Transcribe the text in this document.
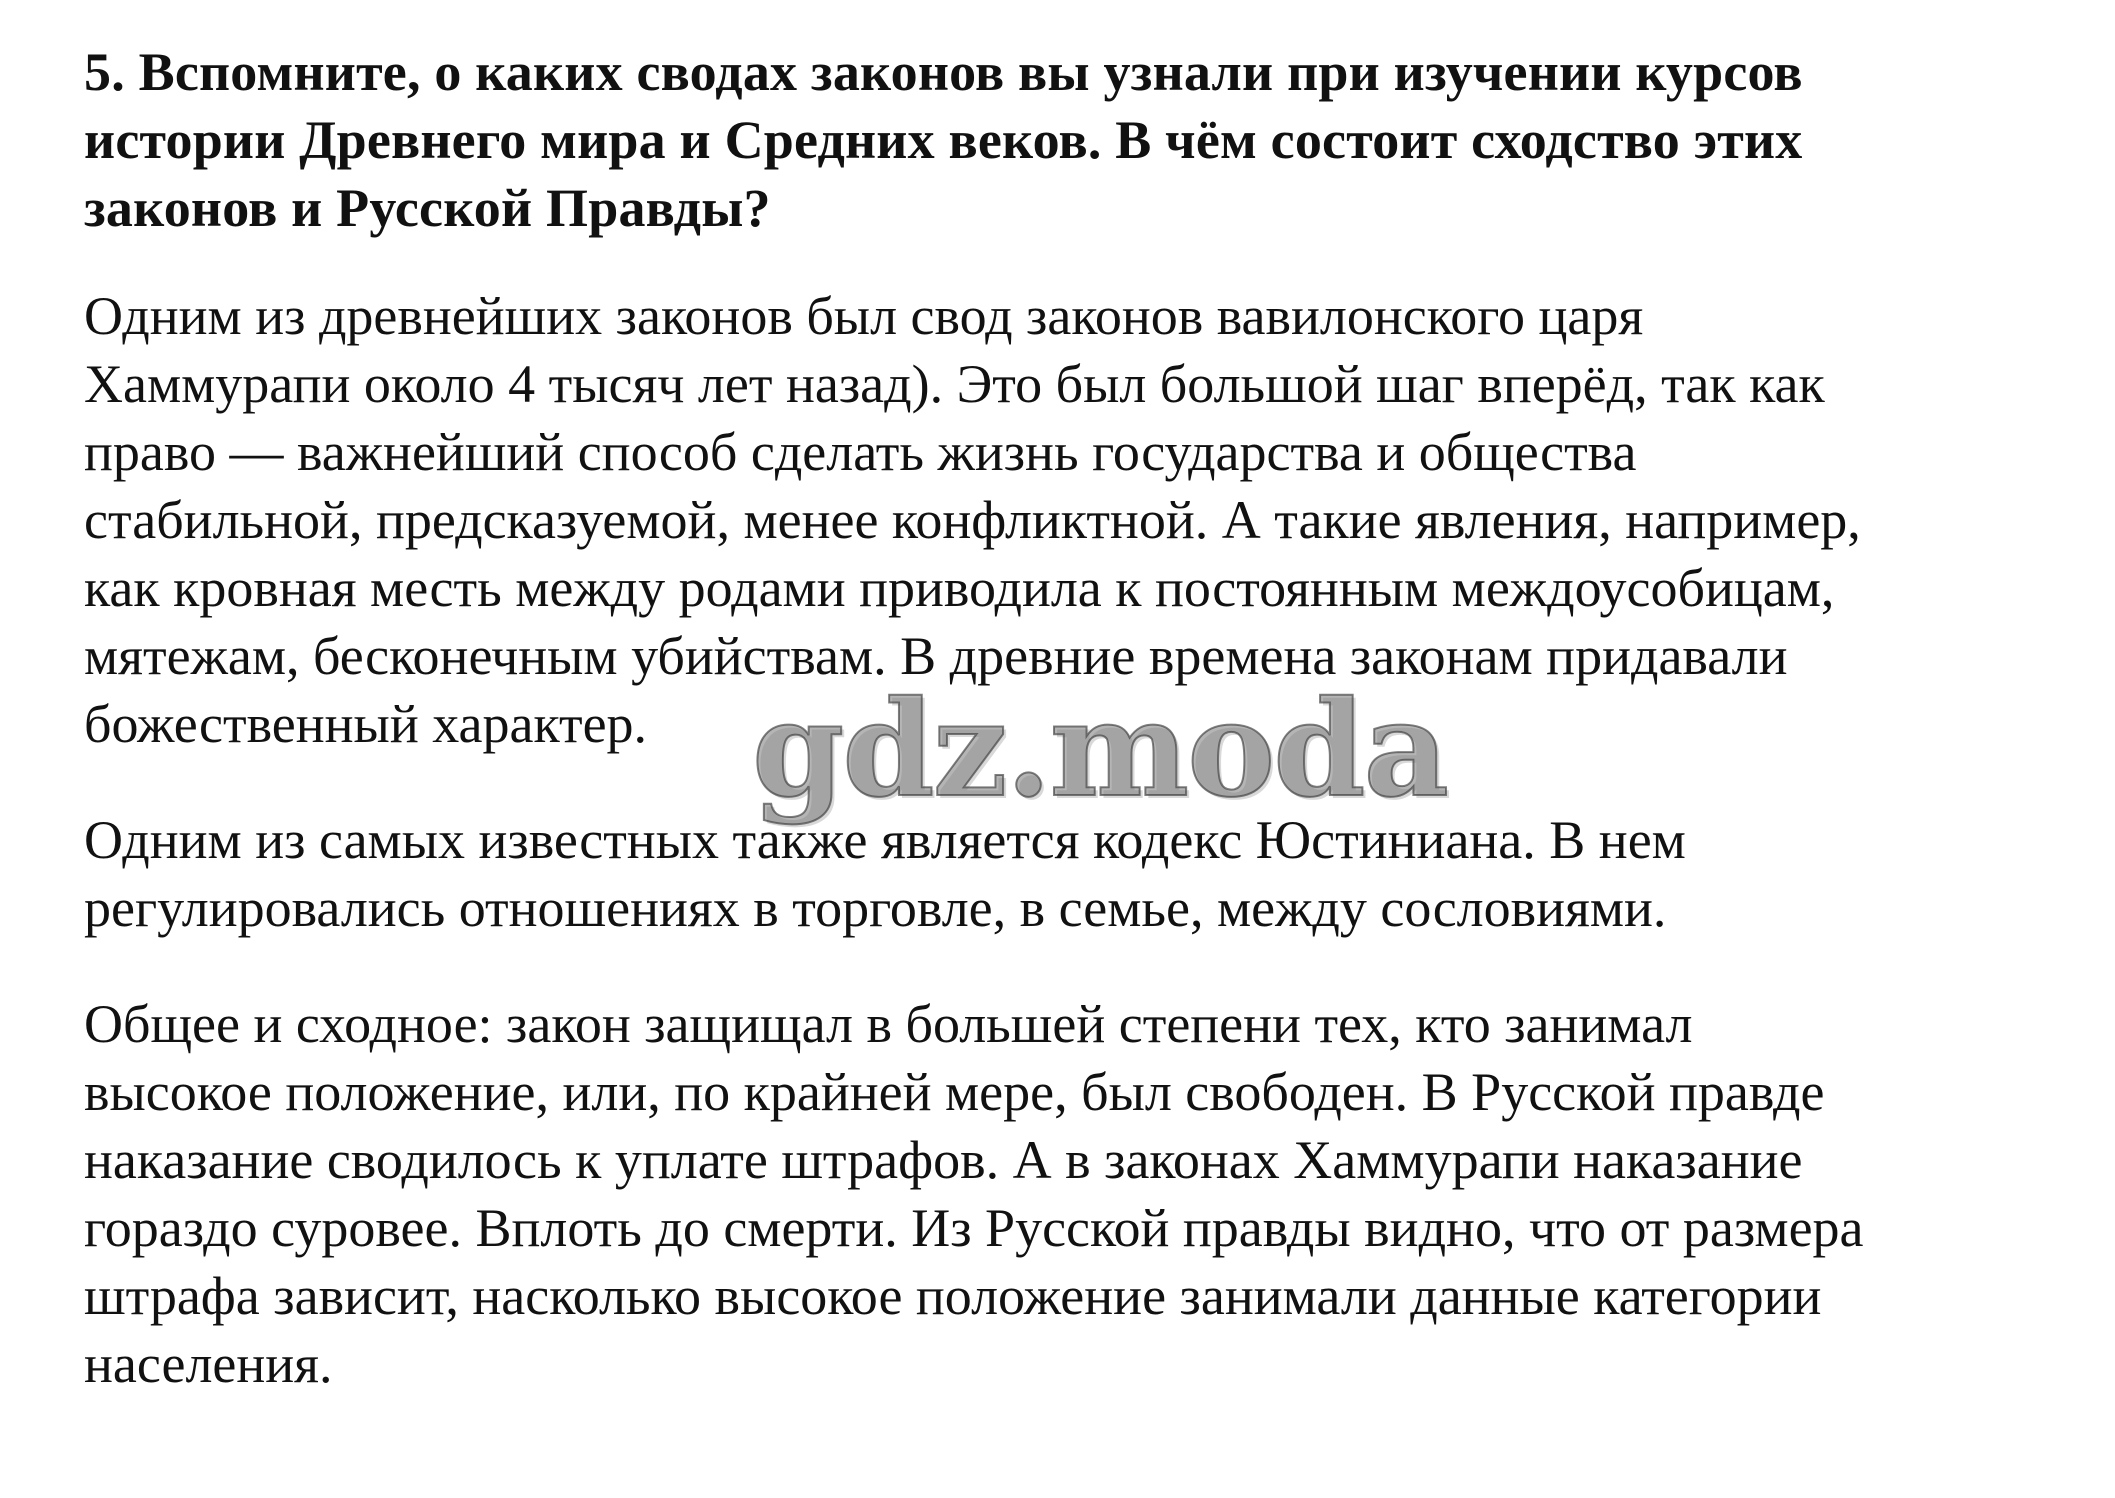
5. Вспомните, о каких сводах законов вы узнали при изучении курсов
истории Древнего мира и Средних веков. В чём состоит сходство этих
законов и Русской Правды?
Одним из древнейших законов был свод законов вавилонского царя
Хаммурапи около 4 тысяч лет назад). Это был большой шаг вперёд, так как
право — важнейший способ сделать жизнь государства и общества
стабильной, предсказуемой, менее конфликтной. А такие явления, например,
как кровная месть между родами приводила к постоянным междоусобицам,
мятежам, бесконечным убийствам. В древние времена законам придавали
божественный характер.
Одним из самых известных также является кодекс Юстиниана. В нем
регулировались отношениях в торговле, в семье, между сословиями.
Общее и сходное: закон защищал в большей степени тех, кто занимал
высокое положение, или, по крайней мере, был свободен. В Русской правде
наказание сводилось к уплате штрафов. А в законах Хаммурапи наказание
гораздо суровее. Вплоть до смерти. Из Русской правды видно, что от размера
штрафа зависит, насколько высокое положение занимали данные категории
населения.
gdz.moda
